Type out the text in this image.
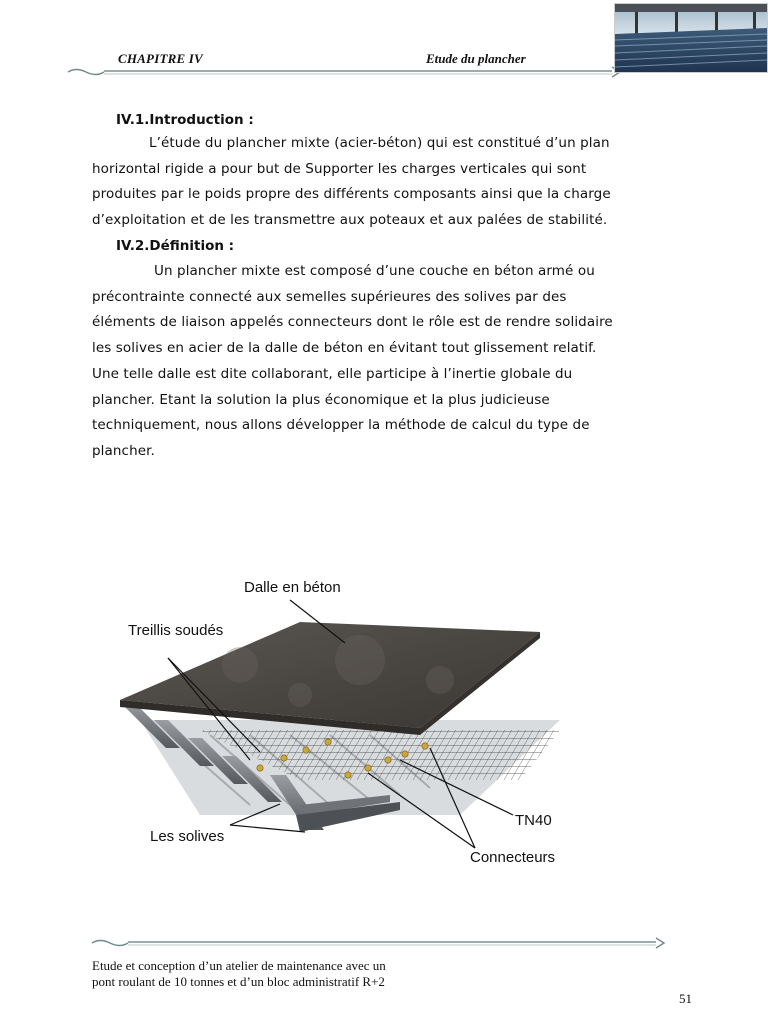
CHAPITRE IV	Etude du plancher
IV.1.Introduction :
L’étude du plancher mixte (acier-béton) qui est constitué d’un plan
horizontal rigide a pour but de Supporter les charges verticales qui sont
produites par le poids propre des différents composants ainsi que la charge
d’exploitation et de les transmettre aux poteaux et aux palées de stabilité.
IV.2.Définition :
Un plancher mixte est composé d’une couche en béton armé ou
précontrainte connecté aux semelles supérieures des solives par des
éléments de liaison appelés connecteurs dont le rôle est de rendre solidaire
les solives en acier de la dalle de béton en évitant tout glissement relatif.
Une telle dalle est dite collaborant, elle participe à l’inertie globale du
plancher. Etant la solution la plus économique et la plus judicieuse
techniquement, nous allons développer la méthode de calcul du type de
plancher.
Dalle en béton
Treillis soudés
Les solives
TN40
Connecteurs
Etude et conception d’un atelier de maintenance avec un
pont roulant de 10 tonnes et d’un bloc administratif R+2
51
